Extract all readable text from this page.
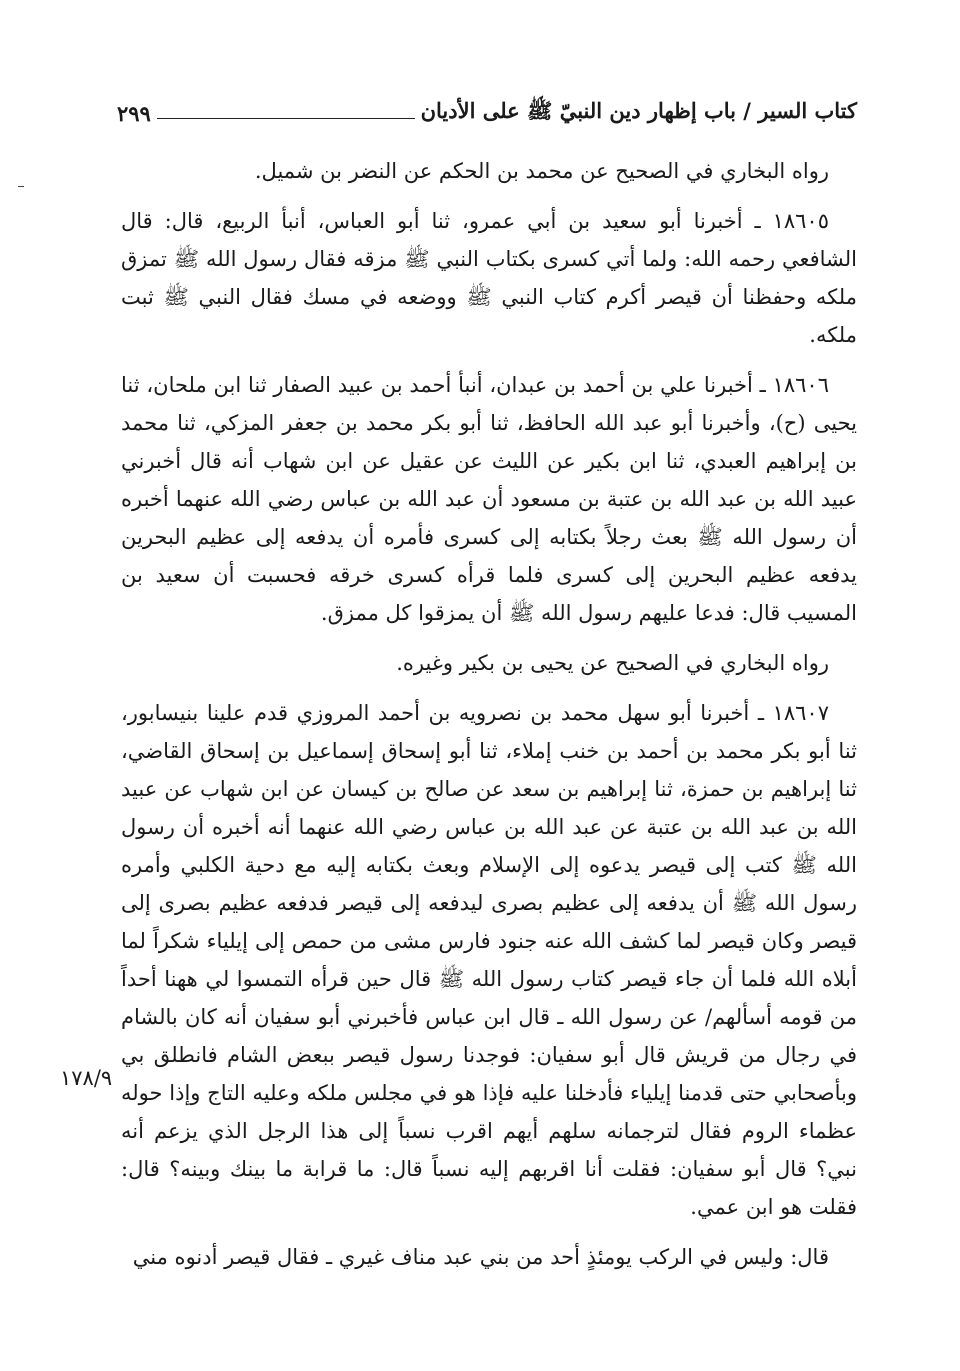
كتاب السير / باب إظهار دين النبيّ ﷺ على الأديان
٢٩٩

رواه البخاري في الصحيح عن محمد بن الحكم عن النضر بن شميل.

١٨٦٠٥ ـ أخبرنا أبو سعيد بن أبي عمرو، ثنا أبو العباس، أنبأ الربيع، قال: قال الشافعي رحمه الله: ولما أتي كسرى بكتاب النبي ﷺ مزقه فقال رسول الله ﷺ تمزق ملكه وحفظنا أن قيصر أكرم كتاب النبي ﷺ ووضعه في مسك فقال النبي ﷺ ثبت ملكه.

١٨٦٠٦ ـ أخبرنا علي بن أحمد بن عبدان، أنبأ أحمد بن عبيد الصفار ثنا ابن ملحان، ثنا يحيى (ح)، وأخبرنا أبو عبد الله الحافظ، ثنا أبو بكر محمد بن جعفر المزكي، ثنا محمد بن إبراهيم العبدي، ثنا ابن بكير عن الليث عن عقيل عن ابن شهاب أنه قال أخبرني عبيد الله بن عبد الله بن عتبة بن مسعود أن عبد الله بن عباس رضي الله عنهما أخبره أن رسول الله ﷺ بعث رجلاً بكتابه إلى كسرى فأمره أن يدفعه إلى عظيم البحرين يدفعه عظيم البحرين إلى كسرى فلما قرأه كسرى خرقه فحسبت أن سعيد بن المسيب قال: فدعا عليهم رسول الله ﷺ أن يمزقوا كل ممزق.

رواه البخاري في الصحيح عن يحيى بن بكير وغيره.

١٨٦٠٧ ـ أخبرنا أبو سهل محمد بن نصرويه بن أحمد المروزي قدم علينا بنيسابور، ثنا أبو بكر محمد بن أحمد بن خنب إملاء، ثنا أبو إسحاق إسماعيل بن إسحاق القاضي، ثنا إبراهيم بن حمزة، ثنا إبراهيم بن سعد عن صالح بن كيسان عن ابن شهاب عن عبيد الله بن عبد الله بن عتبة عن عبد الله بن عباس رضي الله عنهما أنه أخبره أن رسول الله ﷺ كتب إلى قيصر يدعوه إلى الإسلام وبعث بكتابه إليه مع دحية الكلبي وأمره رسول الله ﷺ أن يدفعه إلى عظيم بصرى ليدفعه إلى قيصر فدفعه عظيم بصرى إلى قيصر وكان قيصر لما كشف الله عنه جنود فارس مشى من حمص إلى إيلياء شكراً لما أبلاه الله فلما أن جاء قيصر كتاب رسول الله ﷺ قال حين قرأه التمسوا لي ههنا أحداً من قومه أسألهم/ عن رسول الله ـ قال ابن عباس فأخبرني أبو سفيان أنه كان بالشام في رجال من قريش قال أبو سفيان: فوجدنا رسول قيصر ببعض الشام فانطلق بي وبأصحابي حتى قدمنا إيلياء فأدخلنا عليه فإذا هو في مجلس ملكه وعليه التاج وإذا حوله عظماء الروم فقال لترجمانه سلهم أيهم اقرب نسباً إلى هذا الرجل الذي يزعم أنه نبي؟ قال أبو سفيان: فقلت أنا اقربهم إليه نسباً قال: ما قرابة ما بينك وبينه؟ قال: فقلت هو ابن عمي.

قال: وليس في الركب يومئذٍ أحد من بني عبد مناف غيري ـ فقال قيصر أدنوه مني

١٧٨/٩
